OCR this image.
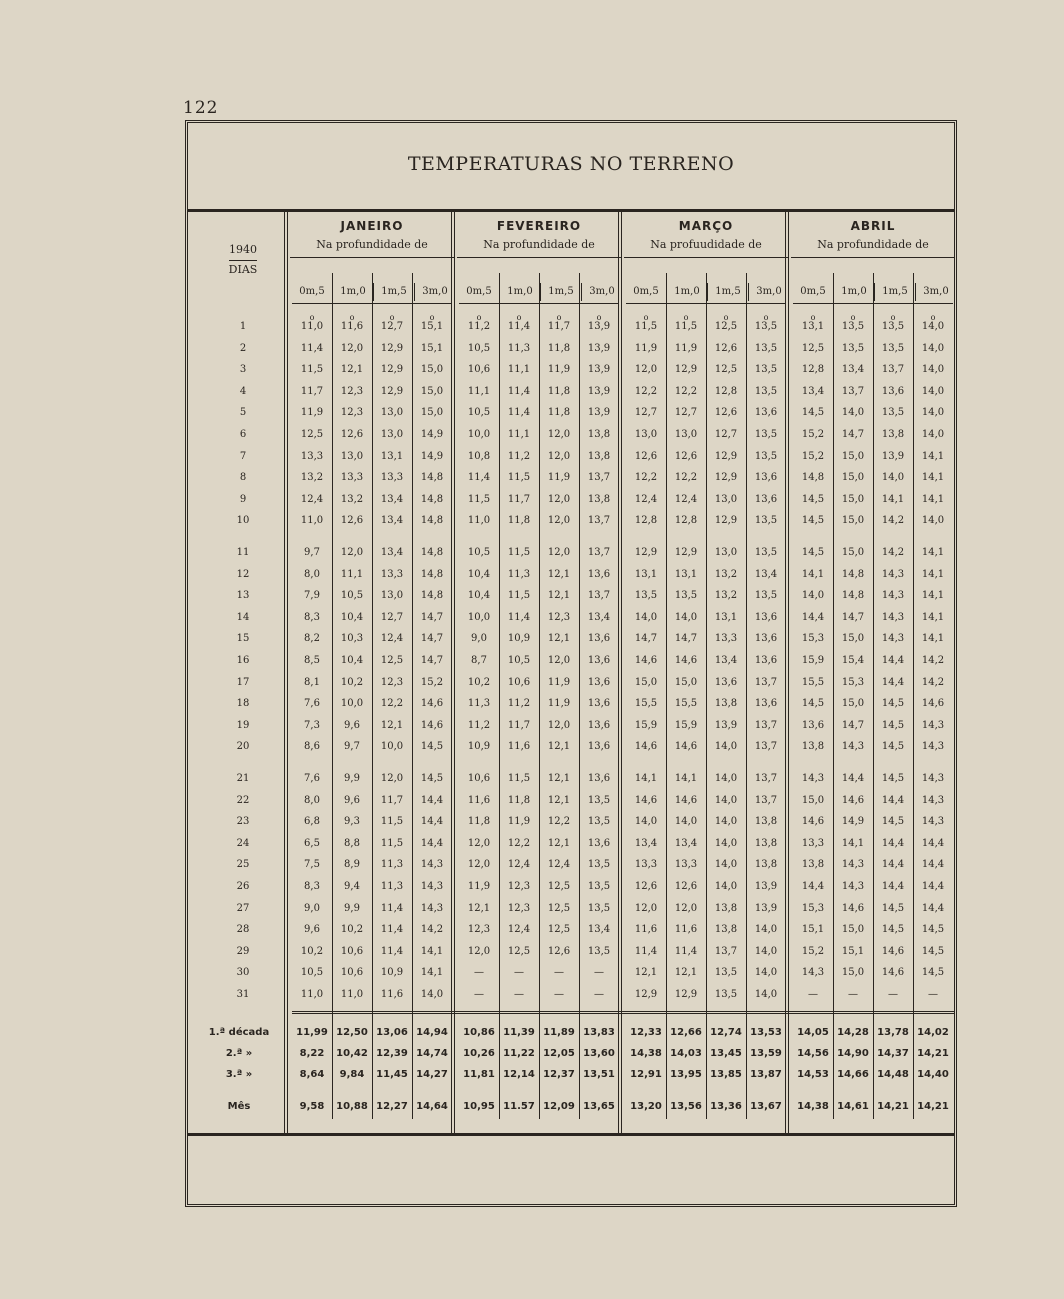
122
TEMPERATURAS NO TERRENO
1940
DIAS
JANEIRO
Na profundidade de
0m,5	1m,0	1m,5	3m,0
o	o	o	o
FEVEREIRO
Na profundidade de
0m,5	1m,0	1m,5	3m,0
o	o	o	o
MARÇO
Na profuudidade de
0m,5	1m,0	1m,5	3m,0
o	o	o	o
ABRIL
Na profundidade de
0m,5	1m,0	1m,5	3m,0
o	o	o	o
1	11,0	11,6	12,7	15,1	11,2	11,4	11,7	13,9	11,5	11,5	12,5	13,5	13,1	13,5	13,5	14,0
2	11,4	12,0	12,9	15,1	10,5	11,3	11,8	13,9	11,9	11,9	12,6	13,5	12,5	13,5	13,5	14,0
3	11,5	12,1	12,9	15,0	10,6	11,1	11,9	13,9	12,0	12,9	12,5	13,5	12,8	13,4	13,7	14,0
4	11,7	12,3	12,9	15,0	11,1	11,4	11,8	13,9	12,2	12,2	12,8	13,5	13,4	13,7	13,6	14,0
5	11,9	12,3	13,0	15,0	10,5	11,4	11,8	13,9	12,7	12,7	12,6	13,6	14,5	14,0	13,5	14,0
6	12,5	12,6	13,0	14,9	10,0	11,1	12,0	13,8	13,0	13,0	12,7	13,5	15,2	14,7	13,8	14,0
7	13,3	13,0	13,1	14,9	10,8	11,2	12,0	13,8	12,6	12,6	12,9	13,5	15,2	15,0	13,9	14,1
8	13,2	13,3	13,3	14,8	11,4	11,5	11,9	13,7	12,2	12,2	12,9	13,6	14,8	15,0	14,0	14,1
9	12,4	13,2	13,4	14,8	11,5	11,7	12,0	13,8	12,4	12,4	13,0	13,6	14,5	15,0	14,1	14,1
10	11,0	12,6	13,4	14,8	11,0	11,8	12,0	13,7	12,8	12,8	12,9	13,5	14,5	15,0	14,2	14,0
11	9,7	12,0	13,4	14,8	10,5	11,5	12,0	13,7	12,9	12,9	13,0	13,5	14,5	15,0	14,2	14,1
12	8,0	11,1	13,3	14,8	10,4	11,3	12,1	13,6	13,1	13,1	13,2	13,4	14,1	14,8	14,3	14,1
13	7,9	10,5	13,0	14,8	10,4	11,5	12,1	13,7	13,5	13,5	13,2	13,5	14,0	14,8	14,3	14,1
14	8,3	10,4	12,7	14,7	10,0	11,4	12,3	13,4	14,0	14,0	13,1	13,6	14,4	14,7	14,3	14,1
15	8,2	10,3	12,4	14,7	9,0	10,9	12,1	13,6	14,7	14,7	13,3	13,6	15,3	15,0	14,3	14,1
16	8,5	10,4	12,5	14,7	8,7	10,5	12,0	13,6	14,6	14,6	13,4	13,6	15,9	15,4	14,4	14,2
17	8,1	10,2	12,3	15,2	10,2	10,6	11,9	13,6	15,0	15,0	13,6	13,7	15,5	15,3	14,4	14,2
18	7,6	10,0	12,2	14,6	11,3	11,2	11,9	13,6	15,5	15,5	13,8	13,6	14,5	15,0	14,5	14,6
19	7,3	9,6	12,1	14,6	11,2	11,7	12,0	13,6	15,9	15,9	13,9	13,7	13,6	14,7	14,5	14,3
20	8,6	9,7	10,0	14,5	10,9	11,6	12,1	13,6	14,6	14,6	14,0	13,7	13,8	14,3	14,5	14,3
21	7,6	9,9	12,0	14,5	10,6	11,5	12,1	13,6	14,1	14,1	14,0	13,7	14,3	14,4	14,5	14,3
22	8,0	9,6	11,7	14,4	11,6	11,8	12,1	13,5	14,6	14,6	14,0	13,7	15,0	14,6	14,4	14,3
23	6,8	9,3	11,5	14,4	11,8	11,9	12,2	13,5	14,0	14,0	14,0	13,8	14,6	14,9	14,5	14,3
24	6,5	8,8	11,5	14,4	12,0	12,2	12,1	13,6	13,4	13,4	14,0	13,8	13,3	14,1	14,4	14,4
25	7,5	8,9	11,3	14,3	12,0	12,4	12,4	13,5	13,3	13,3	14,0	13,8	13,8	14,3	14,4	14,4
26	8,3	9,4	11,3	14,3	11,9	12,3	12,5	13,5	12,6	12,6	14,0	13,9	14,4	14,3	14,4	14,4
27	9,0	9,9	11,4	14,3	12,1	12,3	12,5	13,5	12,0	12,0	13,8	13,9	15,3	14,6	14,5	14,4
28	9,6	10,2	11,4	14,2	12,3	12,4	12,5	13,4	11,6	11,6	13,8	14,0	15,1	15,0	14,5	14,5
29	10,2	10,6	11,4	14,1	12,0	12,5	12,6	13,5	11,4	11,4	13,7	14,0	15,2	15,1	14,6	14,5
30	10,5	10,6	10,9	14,1	—	—	—	—	12,1	12,1	13,5	14,0	14,3	15,0	14,6	14,5
31	11,0	11,0	11,6	14,0	—	—	—	—	12,9	12,9	13,5	14,0	—	—	—	—
1.ª década	11,99 12,50 13,06 14,94	10,86 11,39 11,89 13,83	12,33 12,66 12,74 13,53	14,05 14,28 13,78 14,02
2.ª »	8,22	10,42 12,39 14,74	10,26 11,22 12,05 13,60	14,38 14,03 13,45 13,59	14,56 14,90 14,37 14,21
3.ª »	8,64	9,84	11,45 14,27	11,81 12,14 12,37 13,51	12,91 13,95 13,85 13,87	14,53 14,66 14,48 14,40
Mês	9,58	10,88 12,27 14,64	10,95 11.57 12,09 13,65	13,20 13,56 13,36 13,67	14,38 14,61 14,21 14,21
